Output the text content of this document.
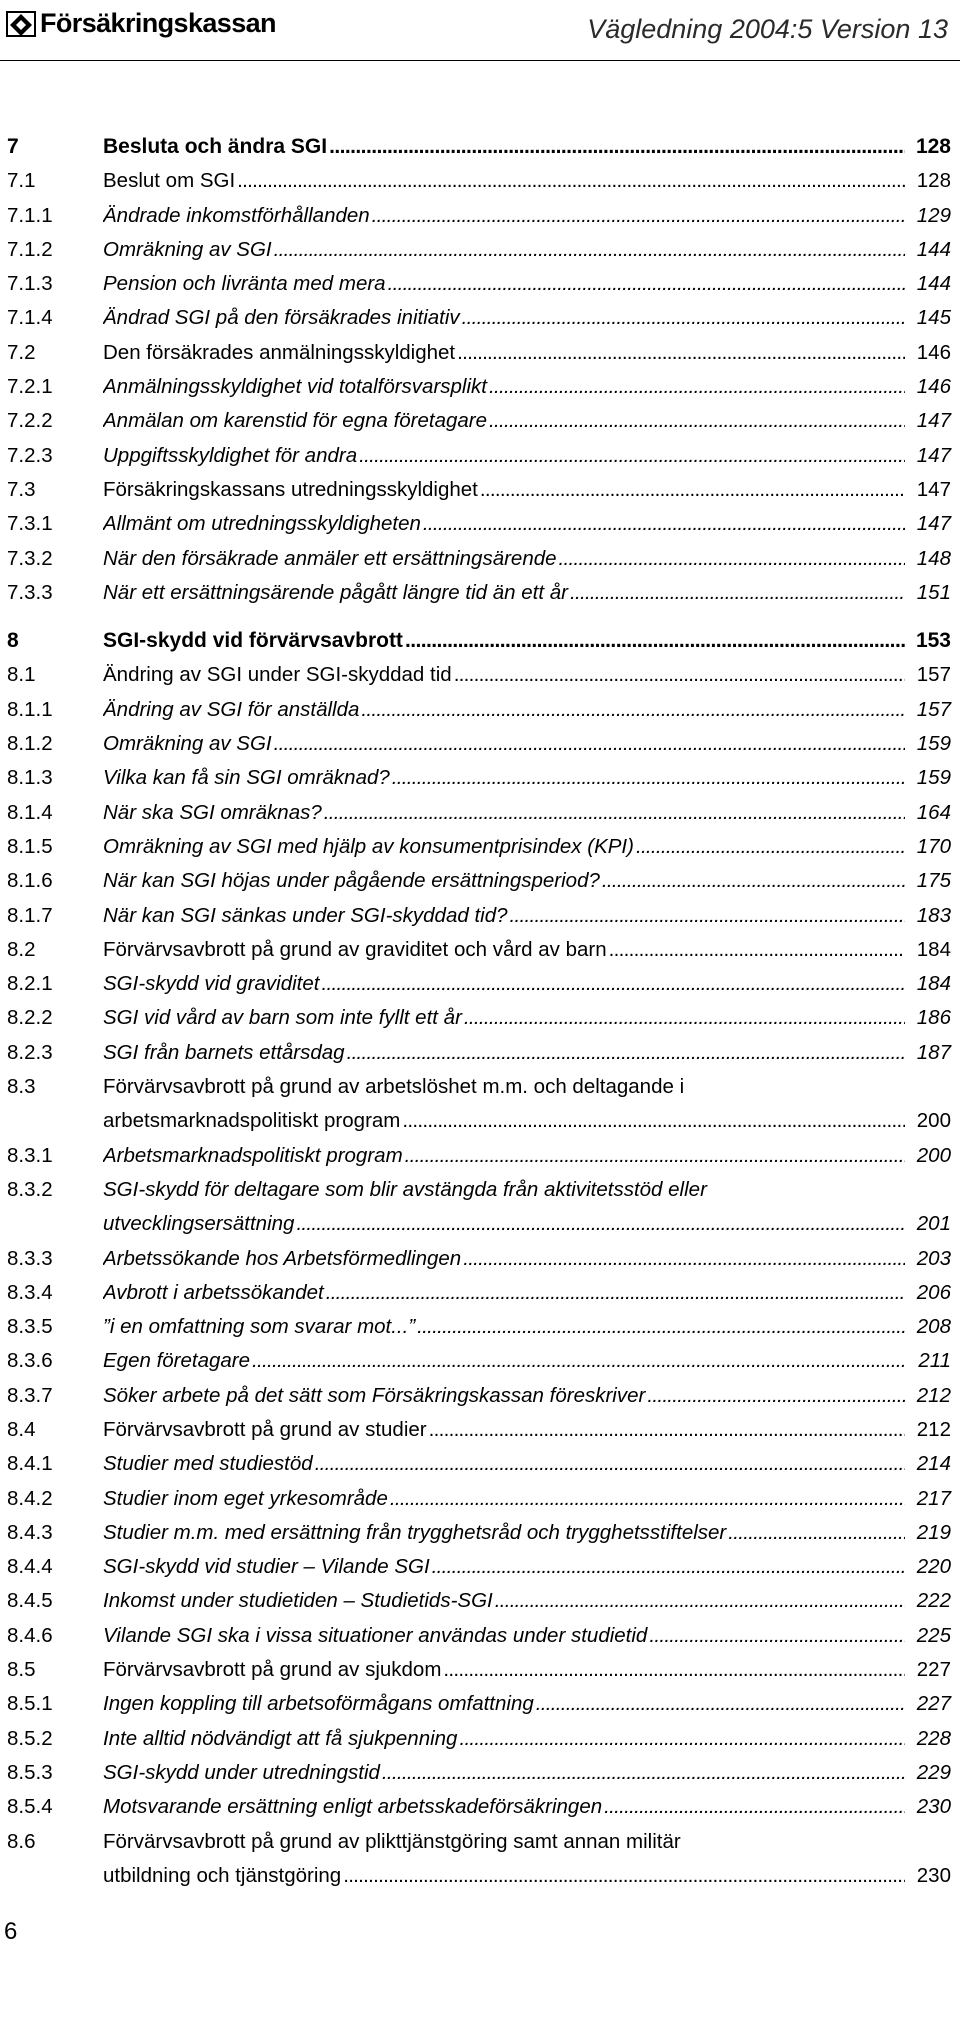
Försäkringskassan	Vägledning 2004:5 Version 13
7	Besluta och ändra SGI . . .	128
7.1	Beslut om SGI . . .	128
7.1.1	Ändrade inkomstförhållanden . . .	129
7.1.2	Omräkning av SGI . . .	144
7.1.3	Pension och livränta med mera . . .	144
7.1.4	Ändrad SGI på den försäkrades initiativ . . .	145
7.2	Den försäkrades anmälningsskyldighet . . .	146
7.2.1	Anmälningsskyldighet vid totalförsvarsplikt . . .	146
7.2.2	Anmälan om karenstid för egna företagare . . .	147
7.2.3	Uppgiftsskyldighet för andra . . .	147
7.3	Försäkringskassans utredningsskyldighet . . .	147
7.3.1	Allmänt om utredningsskyldigheten . . .	147
7.3.2	När den försäkrade anmäler ett ersättningsärende . . .	148
7.3.3	När ett ersättningsärende pågått längre tid än ett år . . .	151
8	SGI-skydd vid förvärvsavbrott . . .	153
8.1	Ändring av SGI under SGI-skyddad tid . . .	157
8.1.1	Ändring av SGI för anställda . . .	157
8.1.2	Omräkning av SGI . . .	159
8.1.3	Vilka kan få sin SGI omräknad? . . .	159
8.1.4	När ska SGI omräknas? . . .	164
8.1.5	Omräkning av SGI med hjälp av konsumentprisindex (KPI) . . .	170
8.1.6	När kan SGI höjas under pågående ersättningsperiod? . . .	175
8.1.7	När kan SGI sänkas under SGI-skyddad tid? . . .	183
8.2	Förvärvsavbrott på grund av graviditet och vård av barn . . .	184
8.2.1	SGI-skydd vid graviditet . . .	184
8.2.2	SGI vid vård av barn som inte fyllt ett år . . .	186
8.2.3	SGI från barnets ettårsdag . . .	187
8.3	Förvärvsavbrott på grund av arbetslöshet m.m. och deltagande i
arbetsmarknadspolitiskt program . . .	200
8.3.1	Arbetsmarknadspolitiskt program . . .	200
8.3.2	SGI-skydd för deltagare som blir avstängda från aktivitetsstöd eller
utvecklingsersättning . . .	201
8.3.3	Arbetssökande hos Arbetsförmedlingen . . .	203
8.3.4	Avbrott i arbetssökandet . . .	206
8.3.5	”i en omfattning som svarar mot...” . . .	208
8.3.6	Egen företagare . . .	211
8.3.7	Söker arbete på det sätt som Försäkringskassan föreskriver . . .	212
8.4	Förvärvsavbrott på grund av studier . . .	212
8.4.1	Studier med studiestöd . . .	214
8.4.2	Studier inom eget yrkesområde . . .	217
8.4.3	Studier m.m. med ersättning från trygghetsråd och trygghetsstiftelser . . .	219
8.4.4	SGI-skydd vid studier – Vilande SGI . . .	220
8.4.5	Inkomst under studietiden – Studietids-SGI . . .	222
8.4.6	Vilande SGI ska i vissa situationer användas under studietid . . .	225
8.5	Förvärvsavbrott på grund av sjukdom . . .	227
8.5.1	Ingen koppling till arbetsoförmågans omfattning . . .	227
8.5.2	Inte alltid nödvändigt att få sjukpenning . . .	228
8.5.3	SGI-skydd under utredningstid . . .	229
8.5.4	Motsvarande ersättning enligt arbetsskadeförsäkringen . . .	230
8.6	Förvärvsavbrott på grund av plikttjänstgöring samt annan militär
utbildning och tjänstgöring . . .	230
6
